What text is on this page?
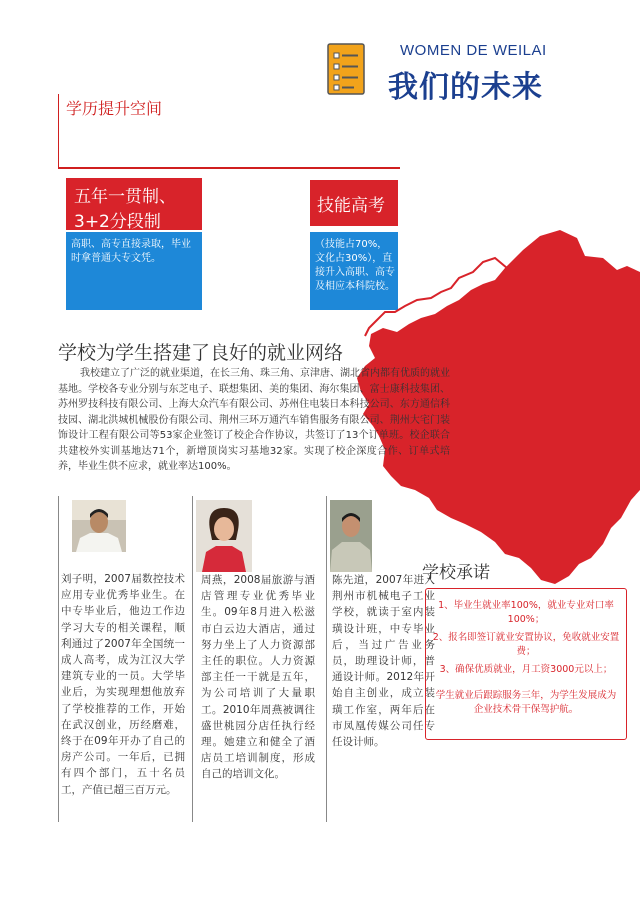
WOMEN DE WEILAI
我们的未来
学历提升空间
五年一贯制、
3+2分段制
高职、高专直接录取，毕业时拿普通大专文凭。
技能高考
（技能占70%，文化占30%），直接升入高职、高专及相应本科院校。
学校为学生搭建了良好的就业网络
我校建立了广泛的就业渠道，在长三角、珠三角、京津唐、湖北省内都有优质的就业基地。学校各专业分别与东芝电子、联想集团、美的集团、海尔集团、富士康科技集团、苏州罗技科技有限公司、上海大众汽车有限公司、苏州住电装日本科技公司、东方通信科技园、湖北洪城机械股份有限公司、荆州三环万通汽车销售服务有限公司、荆州大宅门装饰设计工程有限公司等53家企业签订了校企合作协议，共签订了13个订单班。校企联合共建校外实训基地达71个，新增顶岗实习基地32家。实现了校企深度合作、订单式培养，毕业生供不应求，就业率达100%。
刘子明，2007届数控技术应用专业优秀毕业生。在中专毕业后，他边工作边学习大专的相关课程，顺利通过了2007年全国统一成人高考，成为江汉大学建筑专业的一员。大学毕业后，为实现理想他放弃了学校推荐的工作，开始在武汉创业，历经磨难，终于在09年开办了自己的房产公司。一年后，已拥有四个部门，五十名员工，产值已超三百万元。
周燕，2008届旅游与酒店管理专业优秀毕业生。09年8月进入松滋市白云边大酒店，通过努力坐上了人力资源部主任的职位。人力资源部主任一干就是五年，为公司培训了大量职工。2010年周燕被调往盛世桃园分店任执行经理。她建立和健全了酒店员工培训制度，形成自己的培训文化。
陈先道，2007年进入荆州市机械电子工业学校，就读于室内装璜设计班，中专毕业后，当过广告业务员，助理设计师，普通设计师。2012年开始自主创业，成立装璜工作室，两年后在市凤凰传媒公司任专任设计师。
学校承诺

1、毕业生就业率100%，就业专业对口率100%；

2、报名即签订就业安置协议，免收就业安置费；

3、确保优质就业，月工资3000元以上；

学生就业后跟踪服务三年，为学生发展成为企业技术骨干保驾护航。
